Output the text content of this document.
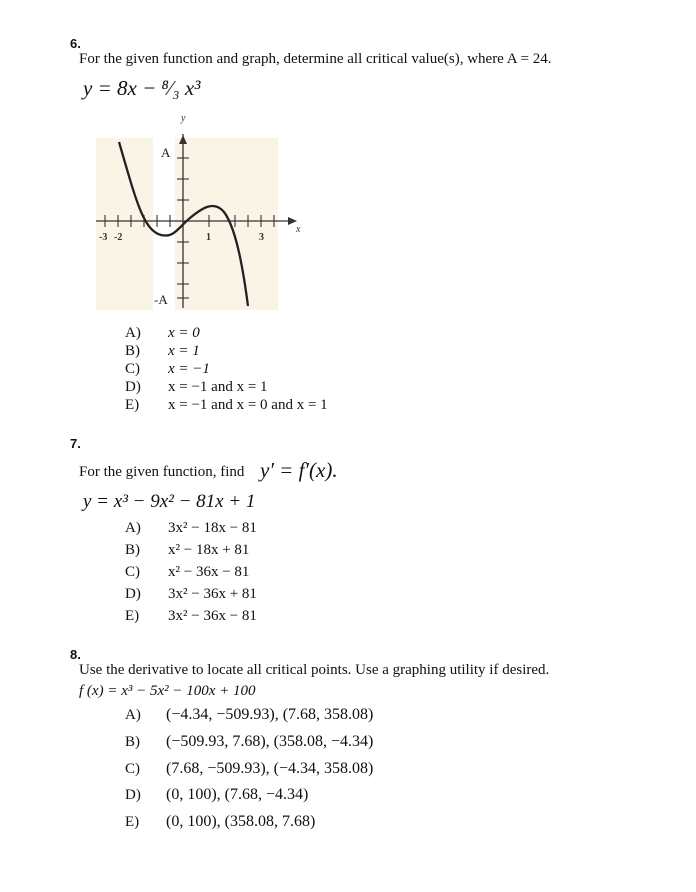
6.
For the given function and graph, determine all critical value(s), where A = 24.
y = 8x − ⁸⁄₃ x³
y
x
A
-A
-3 -2	1	3
A) x = 0
B) x = 1
C) x = −1
D) x = −1 and x = 1
E) x = −1 and x = 0 and x = 1
7.
For the given function, find y′ = f′(x).
y = x³ − 9x² − 81x + 1
A) 3x² − 18x − 81
B) x² − 18x + 81
C) x² − 36x − 81
D) 3x² − 36x + 81
E) 3x² − 36x − 81
8.
Use the derivative to locate all critical points. Use a graphing utility if desired.
f (x) = x³ − 5x² − 100x + 100
A) (−4.34, −509.93), (7.68, 358.08)
B) (−509.93, 7.68), (358.08, −4.34)
C) (7.68, −509.93), (−4.34, 358.08)
D) (0, 100), (7.68, −4.34)
E) (0, 100), (358.08, 7.68)
